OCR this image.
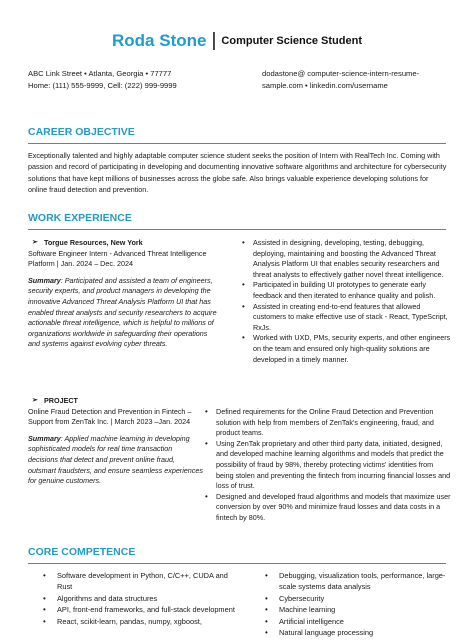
Roda Stone | Computer Science Student
ABC Link Street • Atlanta, Georgia • 77777
Home: (111) 555-9999, Cell: (222) 999-9999
dodastone@ computer-science-intern-resume-
sample.com • linkedin.com/username
CAREER OBJECTIVE
Exceptionally talented and highly adaptable computer science student seeks the position of Intern with RealTech Inc. Coming with passion and record of participating in developing and documenting innovative software algorithms and architecture for cybersecurity solutions that have kept millions of businesses across the globe safe. Also brings valuable experience developing solutions for online fraud detection and prevention.
WORK EXPERIENCE
➢ Torgue Resources, New York
Software Engineer Intern - Advanced Threat Intelligence Platform | Jan. 2024 – Dec. 2024
Summary: Participated and assisted a team of engineers, security experts, and product managers in developing the innovative Advanced Threat Analysis Platform UI that has enabled threat analysts and security researchers to acquire actionable threat intelligence, which is helpful to millions of organizations worldwide in safeguarding their operations and systems against evolving cyber threats.
• Assisted in designing, developing, testing, debugging, deploying, maintaining and boosting the Advanced Threat Analysis Platform UI that enables security researchers and threat analysts to effectively gather novel threat intelligence.
• Participated in building UI prototypes to generate early feedback and then iterated to enhance quality and polish.
• Assisted in creating end-to-end features that allowed customers to make effective use of stack - React, TypeScript, RxJs.
• Worked with UXD, PMs, security experts, and other engineers on the team and ensured only high-quality solutions are developed in a timely manner.
➢ PROJECT
Online Fraud Detection and Prevention in Fintech – Support from ZenTak Inc. | March 2023 –Jan. 2024
Summary: Applied machine learning in developing sophisticated models for real time transaction decisions that detect and prevent online fraud, outsmart fraudsters, and ensure seamless experiences for genuine customers.
• Defined requirements for the Online Fraud Detection and Prevention solution with help from members of ZenTak's engineering, fraud, and product teams.
• Using ZenTak proprietary and other third party data, initiated, designed, and developed machine learning algorithms and models that predict the possibility of fraud by 98%, thereby protecting victims' identities from being stolen and preventing the fintech from incurring financial losses and loss of trust.
• Designed and developed fraud algorithms and models that maximize user conversion by over 90% and minimize fraud losses and data costs in a fintech by 80%.
CORE COMPETENCE
• Software development in Python, C/C++, CUDA and Rust
• Algorithms and data structures
• API, front-end frameworks, and full-stack development
• React, scikit-learn, pandas, numpy, xgboost,
• Debugging, visualization tools, performance, large-scale systems data analysis
• Cybersecurity
• Machine learning
• Artificial intelligence
• Natural language processing
